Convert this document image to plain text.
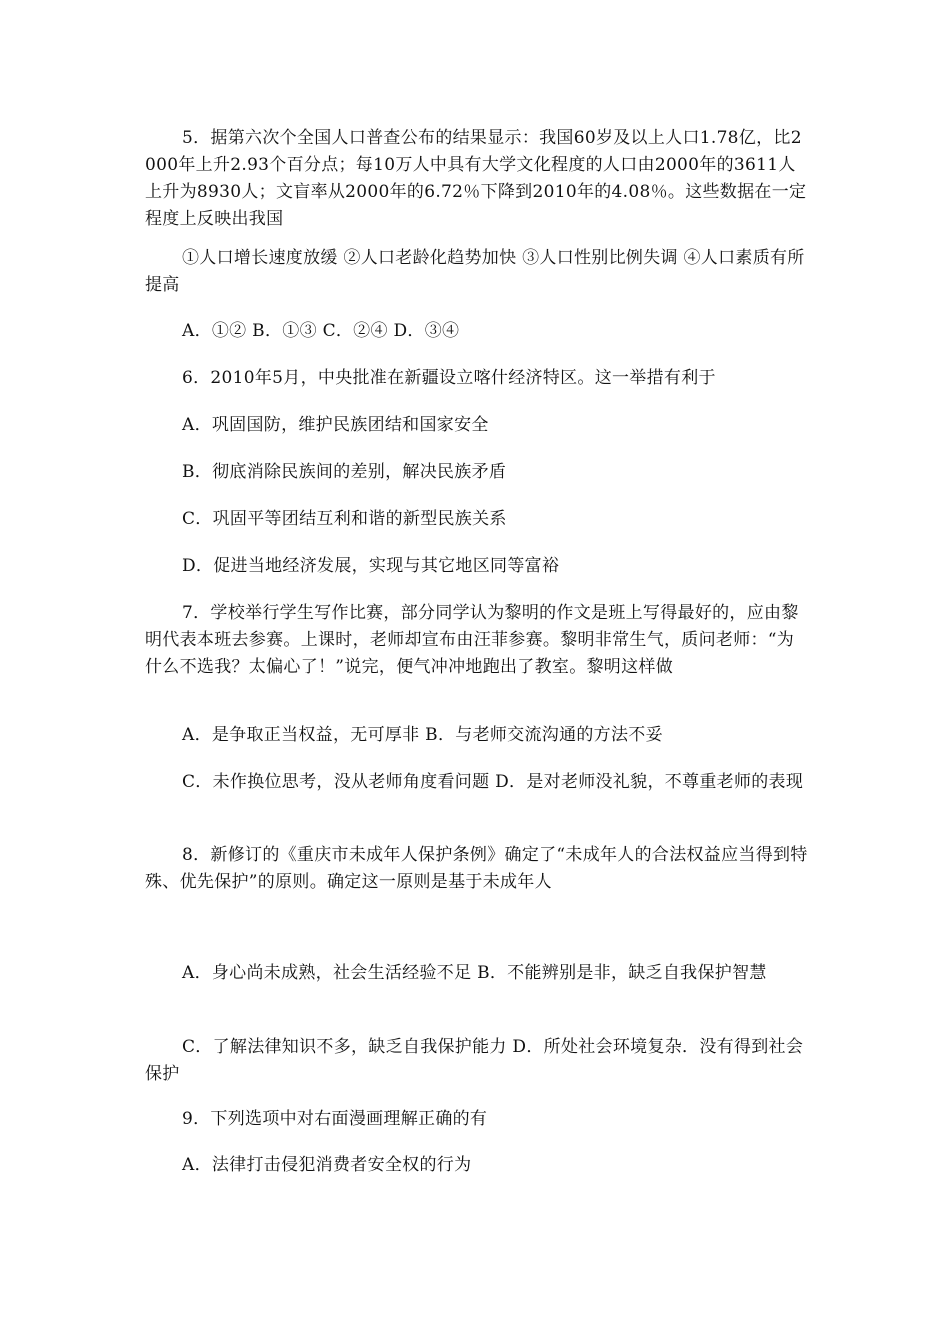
5．据第六次个全国人口普查公布的结果显示：我国60岁及以上人口1.78亿，比2000年上升2.93个百分点；每10万人中具有大学文化程度的人口由2000年的3611人上升为8930人；文盲率从2000年的6.72％下降到2010年的4.08％。这些数据在一定程度上反映出我国

①人口增长速度放缓 ②人口老龄化趋势加快 ③人口性别比例失调 ④人口素质有所提高

A．①② B．①③ C．②④ D．③④

6．2010年5月，中央批准在新疆设立喀什经济特区。这一举措有利于

A．巩固国防，维护民族团结和国家安全

B．彻底消除民族间的差别，解决民族矛盾

C．巩固平等团结互利和谐的新型民族关系

D．促进当地经济发展，实现与其它地区同等富裕

7．学校举行学生写作比赛，部分同学认为黎明的作文是班上写得最好的，应由黎明代表本班去参赛。上课时，老师却宣布由汪菲参赛。黎明非常生气，质问老师：“为什么不选我？太偏心了！”说完，便气冲冲地跑出了教室。黎明这样做

A．是争取正当权益，无可厚非 B．与老师交流沟通的方法不妥

C．未作换位思考，没从老师角度看问题 D．是对老师没礼貌，不尊重老师的表现

8．新修订的《重庆市未成年人保护条例》确定了“未成年人的合法权益应当得到特殊、优先保护”的原则。确定这一原则是基于未成年人

A．身心尚未成熟，社会生活经验不足 B．不能辨别是非，缺乏自我保护智慧

C．了解法律知识不多，缺乏自我保护能力 D．所处社会环境复杂．没有得到社会保护

9．下列选项中对右面漫画理解正确的有

A．法律打击侵犯消费者安全权的行为
